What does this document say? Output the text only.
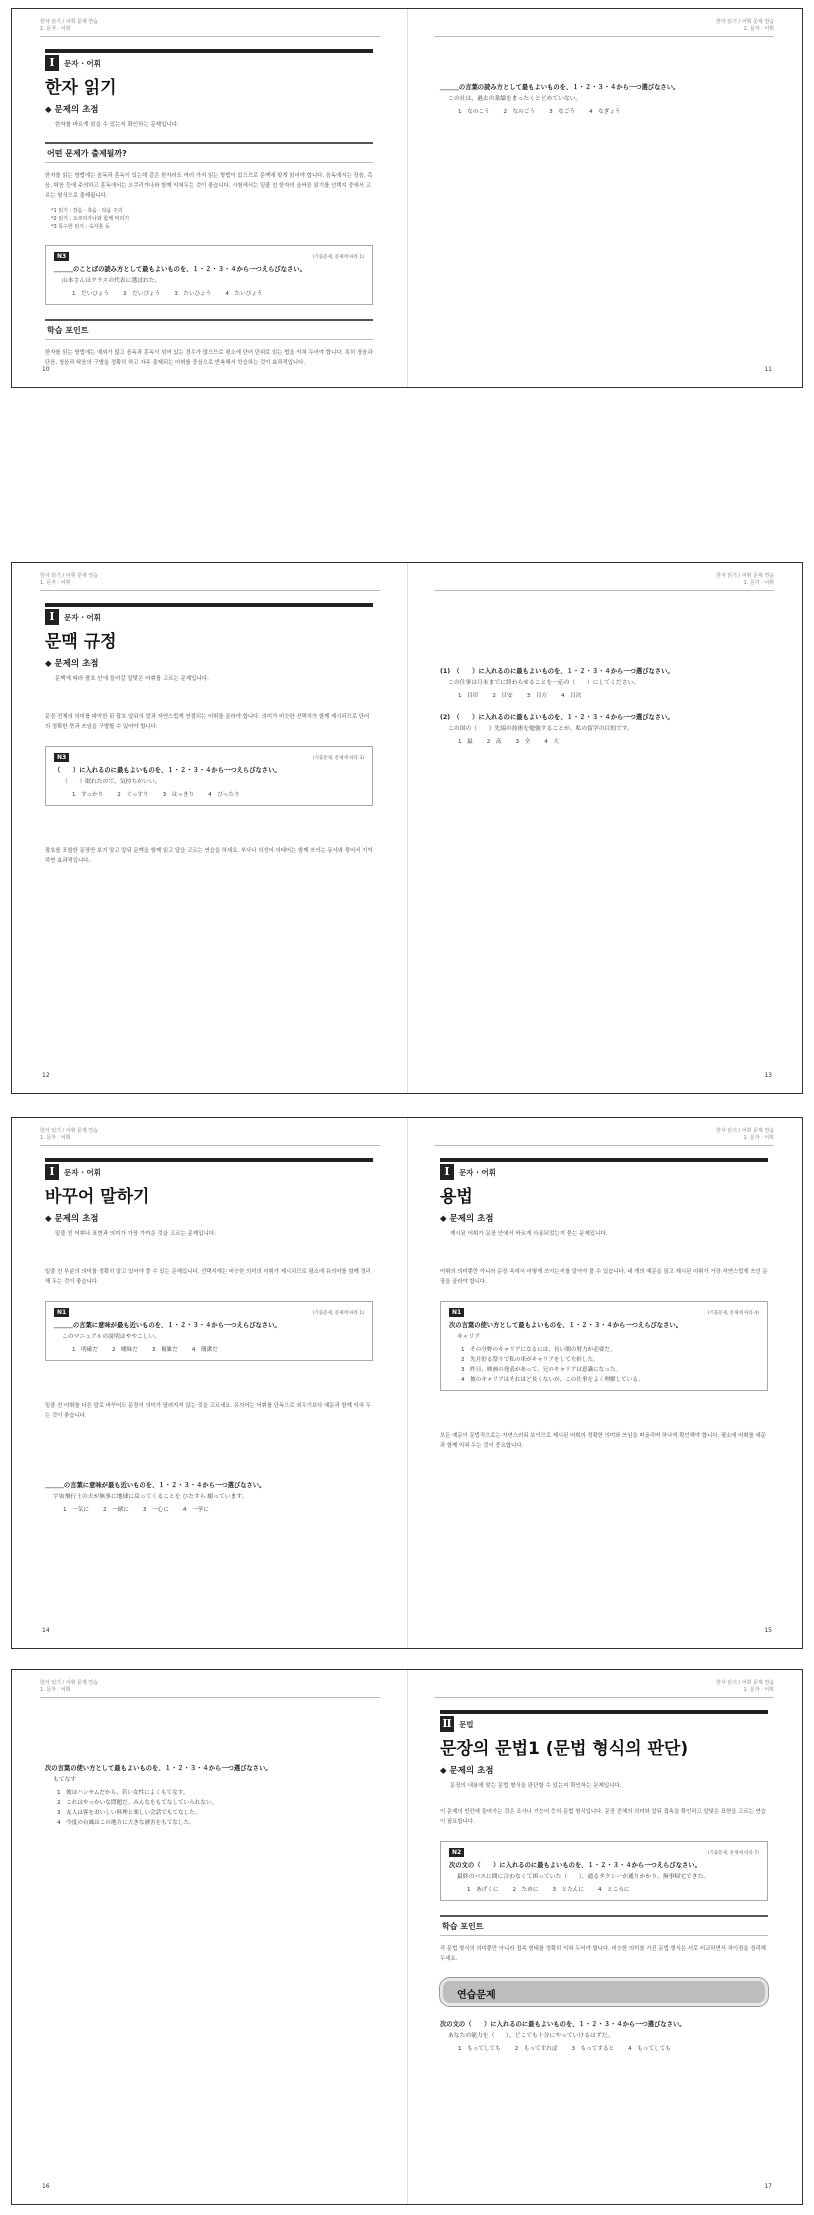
한자 읽기 / 어휘 문제 연습
1. 문자 · 어휘
한자 읽기 / 어휘 문제 연습
1. 문자 · 어휘
Ⅰ	문자 · 어휘
한자 읽기
◆ 문제의 초점
한자를 바르게 읽을 수 있는지 확인하는 문제입니다.
어떤 문제가 출제될까?
한자를 읽는 방법에는 음독과 훈독이 있는데 같은 한자라도 여러 가지 읽는 방법이 있으므로 문맥에 맞게 읽어야 합니다. 음독에서는 장음, 촉음, 탁음 등에 주의하고 훈독에서는 오쿠리가나와 함께 익혀두는 것이 좋습니다. 시험에서는 밑줄 친 한자의 올바른 읽기를 선택지 중에서 고르는 형식으로 출제됩니다.
*1 읽기 : 장음 · 촉음 · 탁음 주의
*2 읽기 : 오쿠리가나와 함께 익히기
*3 특수한 읽기 : 숙자훈 등
N3	(기출문제, 문제에 따라 1)
＿＿＿のことばの読み方として最もよいものを、１・２・３・４から一つえらびなさい。
山本さんはクラスの代表に選ばれた。
1　だいひょう	2　だいぴょう	3　たいひょう	4　たいぴょう
학습 포인트
한자를 읽는 방법에는 예외가 많고 음독과 훈독이 섞여 있는 경우가 많으므로 평소에 단어 단위로 읽는 법을 익혀 두어야 합니다. 특히 장음과 단음, 청음과 탁음의 구별을 정확히 하고 자주 출제되는 어휘를 중심으로 반복해서 학습하는 것이 효과적입니다.
＿＿＿の言葉の読み方として最もよいものを、１・２・３・４から一つ選びなさい。
この社は、過去の業績をまったくとどめていない。
1　なのこう	2　なのごう	3　なごう	4　なぎょう
10	11
한자 읽기 / 어휘 문제 연습
1. 문자 · 어휘
한자 읽기 / 어휘 문제 연습
1. 문자 · 어휘
Ⅰ	문자 · 어휘
문맥 규정
◆ 문제의 초점
문맥에 따라 괄호 안에 들어갈 알맞은 어휘를 고르는 문제입니다.
문장 전체의 의미를 파악한 뒤 괄호 앞뒤의 말과 자연스럽게 연결되는 어휘를 골라야 합니다. 의미가 비슷한 선택지가 함께 제시되므로 단어의 정확한 뜻과 쓰임을 구별할 수 있어야 합니다.
N3	(기출문제, 문제에 따라 3)
（　　）に入れるのに最もよいものを、１・２・３・４から一つえらびなさい。
（　　）眠れたので、気持ちがいい。
1　すっかり	2　ぐっすり	3　はっきり	4　ぴったり
괄호를 포함한 문장만 보지 말고 앞뒤 문맥을 함께 읽고 답을 고르는 연습을 하세요. 부사나 의성어·의태어는 함께 쓰이는 동사와 묶어서 기억하면 효과적입니다.
(1)　（　　）に入れるのに最もよいものを、１・２・３・４から一つ選びなさい。
この仕事は月末までに終わらせることを一応の（　　）にしてください。
1　目印	2　目安	3　目方	4　目次
(2)　（　　）に入れるのに最もよいものを、１・２・３・４から一つ選びなさい。
この国の（　　）先端の技術を勉強することが、私の留学の目的です。
1　最	2　高	3　全	4　大
12	13
한자 읽기 / 어휘 문제 연습
1. 문자 · 어휘
한자 읽기 / 어휘 문제 연습
1. 문자 · 어휘
Ⅰ	문자 · 어휘
바꾸어 말하기
◆ 문제의 초점
밑줄 친 어휘나 표현과 의미가 가장 가까운 것을 고르는 문제입니다.
밑줄 친 부분의 의미를 정확히 알고 있어야 풀 수 있는 문제입니다. 선택지에는 비슷한 의미의 어휘가 제시되므로 평소에 유의어를 함께 정리해 두는 것이 좋습니다.
N1	(기출문제, 문제에 따라 1)
＿＿＿の言葉に意味が最も近いものを、１・２・３・４から一つえらびなさい。
このマニュアルの説明はややこしい。
1　明確だ	2　曖昧だ	3　複雑だ	4　簡潔だ
밑줄 친 어휘를 다른 말로 바꾸어도 문장의 의미가 달라지지 않는 것을 고르세요. 유의어는 어휘를 단독으로 외우기보다 예문과 함께 익혀 두는 것이 좋습니다.
＿＿＿の言葉に意味が最も近いものを、１・２・３・４から一つ選びなさい。
宇宙飛行士の夫が無事に地球に戻ってくることを ひたすら 願っています。
1　一気に	2　一緒に	3　一心に	4　一挙に
Ⅰ	문자 · 어휘
용법
◆ 문제의 초점
제시된 어휘가 문장 안에서 바르게 사용되었는지 묻는 문제입니다.
어휘의 의미뿐만 아니라 문장 속에서 어떻게 쓰이는지를 알아야 풀 수 있습니다. 네 개의 예문을 읽고 제시된 어휘가 가장 자연스럽게 쓰인 문장을 골라야 합니다.
N1	(기출문제, 문제에 따라 4)
次の言葉の使い方として最もよいものを、１・２・３・４から一つえらびなさい。
キャリア
1　その分野のキャリアになるには、長い間の努力が必要だ。
2　先月貯る祭りで私の車がキャリアをして左折した。
3　昨日、映画の発表があって、兄のキャリアは意識になった。
4　彼のキャリアはそれほど長くないが、この仕事をよく理解している。
모든 예문이 문법적으로는 자연스러워 보이므로 제시된 어휘의 정확한 의미와 쓰임을 떠올리며 하나씩 확인해야 합니다. 평소에 어휘를 예문과 함께 익혀 두는 것이 중요합니다.
14	15
한자 읽기 / 어휘 문제 연습
1. 문자 · 어휘
한자 읽기 / 어휘 문제 연습
1. 문자 · 어휘
次の言葉の使い方として最もよいものを、１・２・３・４から一つ選びなさい。
もてなす
1　彼はハンサムだから、若い女性によくもてなす。
2　これはやっかいな問題だ。みんなをもてなしていられない。
3　友人は客をおいしい料理と楽しい会話でもてなした。
4　今度の台風はこの地方に大きな被害をもてなした。
Ⅱ 문법
문장의 문법1 (문법 형식의 판단)
◆ 문제의 초점
문장의 내용에 맞는 문법 형식을 판단할 수 있는지 확인하는 문제입니다.
이 문제의 빈칸에 들어가는 것은 조사나 기능어 등의 문법 형식입니다. 문장 전체의 의미와 앞뒤 접속을 확인하고 알맞은 표현을 고르는 연습이 필요합니다.
N2	(기출문제, 문제에 따라 7)
次の文の（　　）に入れるのに最もよいものを、１・２・３・４から一つえらびなさい。
最終のバスに間に合わなくて困っていた（　　）、通るタクシーが通りかかり、無事帰宅できた。
1　あげくに	2　ために	3　とたんに	4　ところに
학습 포인트
각 문법 형식의 의미뿐만 아니라 접속 형태를 정확히 익혀 두어야 합니다. 비슷한 의미를 가진 문법 형식은 서로 비교하면서 차이점을 정리해 두세요.
연습문제
次の文の（　　）に入れるのに最もよいものを、１・２・３・４から一つ選びなさい。
あなたの能力を（　　）、どこでも十分にやっていけるはずだ。
1　もってしても	2　もってすれば	3　もってすると	4　もってしても
16	17
